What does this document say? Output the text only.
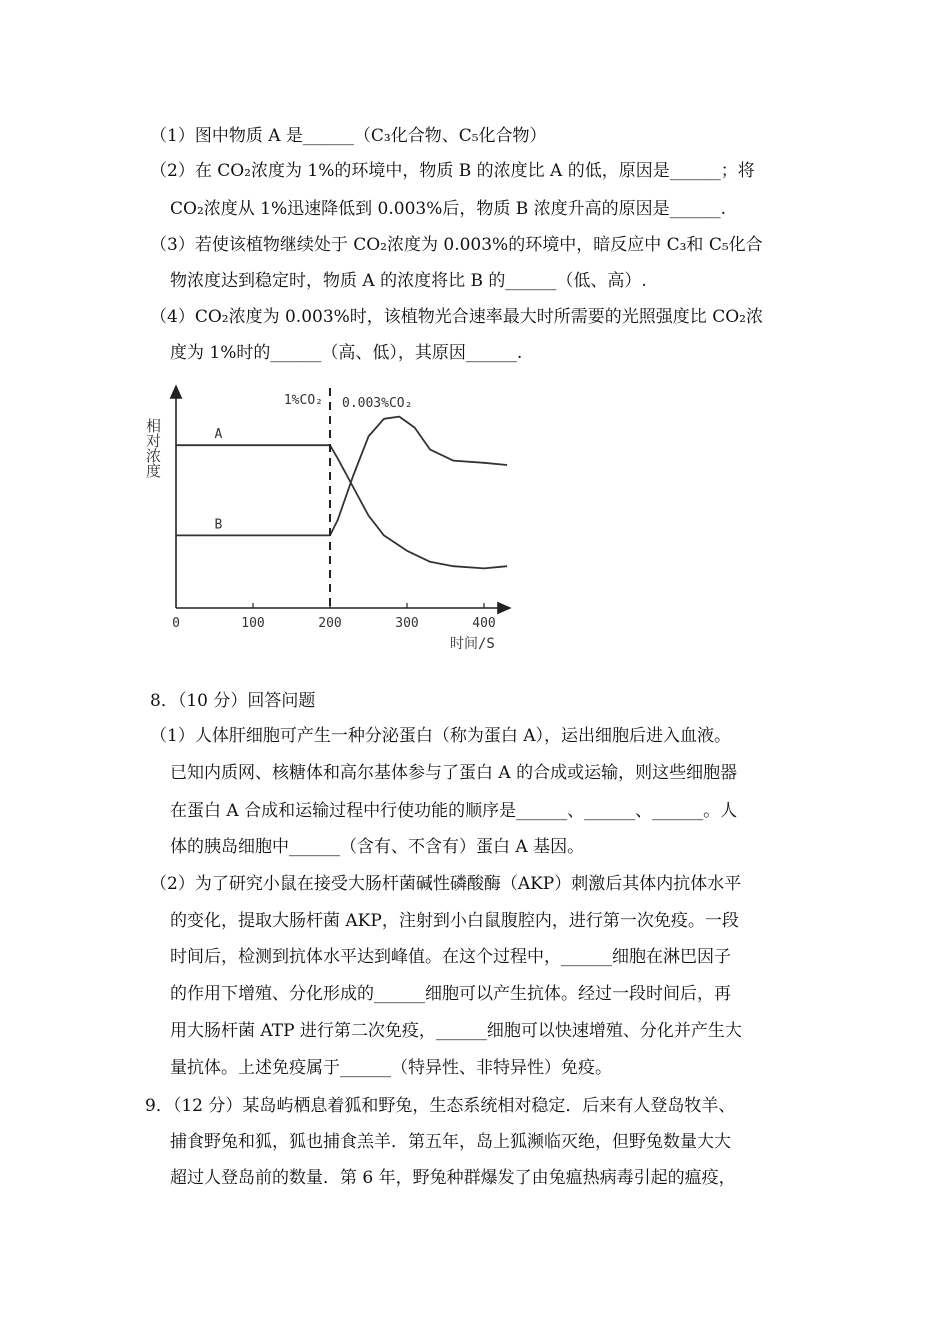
（1）图中物质 A 是______（C₃化合物、C₅化合物）
（2）在 CO₂浓度为 1%的环境中，物质 B 的浓度比 A 的低，原因是______；将
CO₂浓度从 1%迅速降低到 0.003%后，物质 B 浓度升高的原因是______.
（3）若使该植物继续处于 CO₂浓度为 0.003%的环境中，暗反应中 C₃和 C₅化合
物浓度达到稳定时，物质 A 的浓度将比 B 的______（低、高）.
（4）CO₂浓度为 0.003%时，该植物光合速率最大时所需要的光照强度比 CO₂浓
度为 1%时的______（高、低），其原因______.
0	100	200	300	400
A
B
1%CO₂ 0.003%CO₂
相对浓度
时间/S
8．（10 分）回答问题
（1）人体肝细胞可产生一种分泌蛋白（称为蛋白 A），运出细胞后进入血液。
已知内质网、核糖体和高尔基体参与了蛋白 A 的合成或运输，则这些细胞器
在蛋白 A 合成和运输过程中行使功能的顺序是______、______、______。人
体的胰岛细胞中______（含有、不含有）蛋白 A 基因。
（2）为了研究小鼠在接受大肠杆菌碱性磷酸酶（AKP）刺激后其体内抗体水平
的变化，提取大肠杆菌 AKP，注射到小白鼠腹腔内，进行第一次免疫。一段
时间后，检测到抗体水平达到峰值。在这个过程中，______细胞在淋巴因子
的作用下增殖、分化形成的______细胞可以产生抗体。经过一段时间后，再
用大肠杆菌 ATP 进行第二次免疫，______细胞可以快速增殖、分化并产生大
量抗体。上述免疫属于______（特异性、非特异性）免疫。
9．（12 分）某岛屿栖息着狐和野兔，生态系统相对稳定．后来有人登岛牧羊、
捕食野兔和狐，狐也捕食羔羊．第五年，岛上狐濒临灭绝，但野兔数量大大
超过人登岛前的数量．第 6 年，野兔种群爆发了由兔瘟热病毒引起的瘟疫，
